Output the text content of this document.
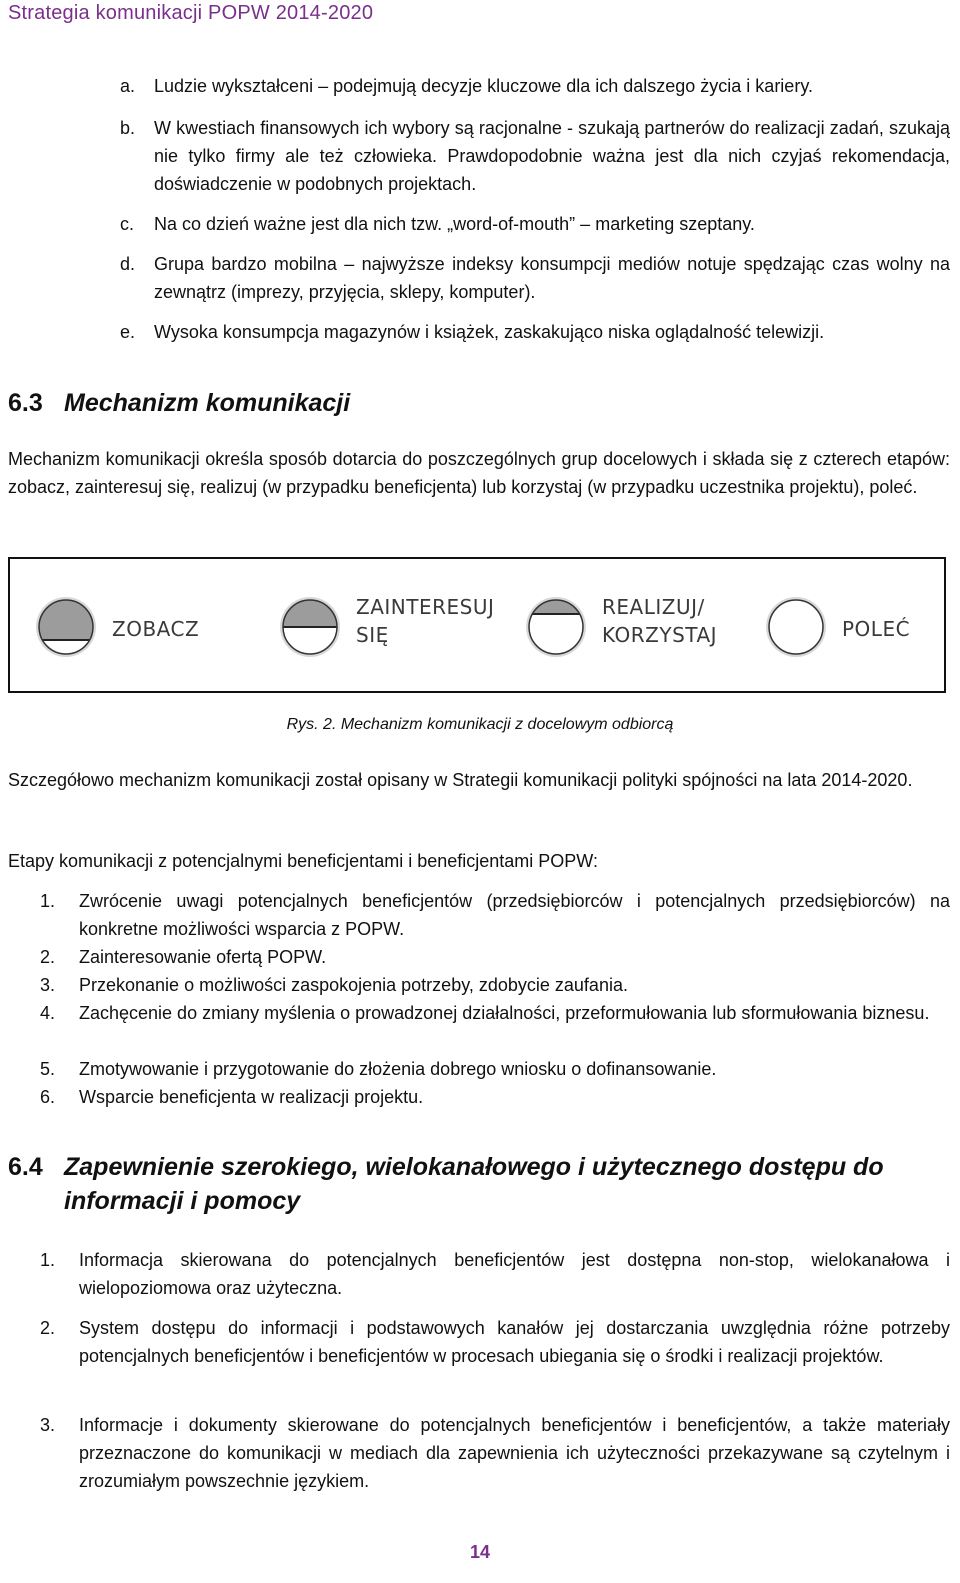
Strategia komunikacji POPW 2014-2020
a.	Ludzie wykształceni – podejmują decyzje kluczowe dla ich dalszego życia i kariery.
b.	W kwestiach finansowych ich wybory są racjonalne - szukają partnerów do realizacji zadań, szukają nie tylko firmy ale też człowieka. Prawdopodobnie ważna jest dla nich czyjaś rekomendacja, doświadczenie w podobnych projektach.
c.	Na co dzień ważne jest dla nich tzw. „word-of-mouth” – marketing szeptany.
d.	Grupa bardzo mobilna – najwyższe indeksy konsumpcji mediów notuje spędzając czas wolny na zewnątrz (imprezy, przyjęcia, sklepy, komputer).
e.	Wysoka konsumpcja magazynów i książek, zaskakująco niska oglądalność telewizji.
6.3 Mechanizm komunikacji
Mechanizm komunikacji określa sposób dotarcia do poszczególnych grup docelowych i składa się z czterech etapów: zobacz, zainteresuj się, realizuj (w przypadku beneficjenta) lub korzystaj (w przypadku uczestnika projektu), poleć.
ZOBACZ
ZAINTERESUJ
SIĘ
REALIZUJ/
KORZYSTAJ	POLEĆ
Rys. 2. Mechanizm komunikacji z docelowym odbiorcą
Szczegółowo mechanizm komunikacji został opisany w Strategii komunikacji polityki spójności na lata 2014-2020.
Etapy komunikacji z potencjalnymi beneficjentami i beneficjentami POPW:
1.	Zwrócenie uwagi potencjalnych beneficjentów (przedsiębiorców i potencjalnych przedsiębiorców) na konkretne możliwości wsparcia z POPW.
2.	Zainteresowanie ofertą POPW.
3.	Przekonanie o możliwości zaspokojenia potrzeby, zdobycie zaufania.
4.	Zachęcenie do zmiany myślenia o prowadzonej działalności, przeformułowania lub sformułowania biznesu.
5.	Zmotywowanie i przygotowanie do złożenia dobrego wniosku o dofinansowanie.
6.	Wsparcie beneficjenta w realizacji projektu.
6.4 Zapewnienie szerokiego, wielokanałowego i użytecznego dostępu do informacji i pomocy
1.	Informacja skierowana do potencjalnych beneficjentów jest dostępna non-stop, wielokanałowa i wielopoziomowa oraz użyteczna.
2.	System dostępu do informacji i podstawowych kanałów jej dostarczania uwzględnia różne potrzeby potencjalnych beneficjentów i beneficjentów w procesach ubiegania się o środki i realizacji projektów.
3.	Informacje i dokumenty skierowane do potencjalnych beneficjentów i beneficjentów, a także materiały przeznaczone do komunikacji w mediach dla zapewnienia ich użyteczności przekazywane są czytelnym i zrozumiałym powszechnie językiem.
14
